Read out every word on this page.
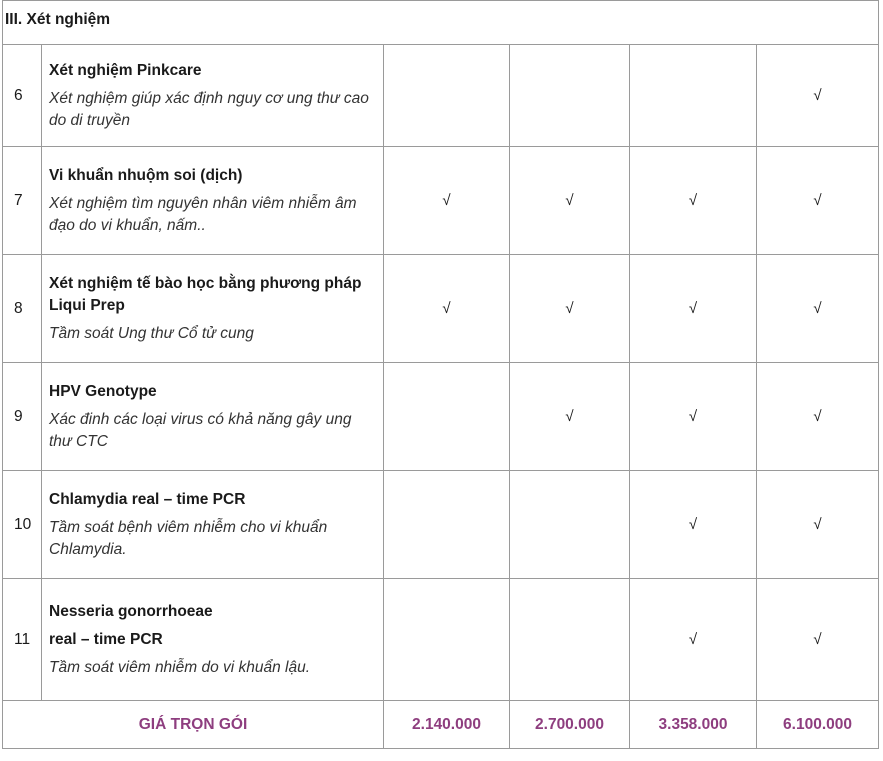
III. Xét nghiệm					
6	Xét nghiệm Pinkcare
Xét nghiệm giúp xác định nguy cơ ung thư cao do di truyền				√
7	Vi khuẩn nhuộm soi (dịch)
Xét nghiệm tìm nguyên nhân viêm nhiễm âm đạo do vi khuẩn, nấm..	√	√	√	√
8	Xét nghiệm tế bào học bằng phương pháp Liqui Prep
Tầm soát Ung thư Cổ tử cung	√	√	√	√
9	HPV Genotype
Xác đinh các loại virus có khả năng gây ung thư CTC		√	√	√
10	Chlamydia real – time PCR
Tầm soát bệnh viêm nhiễm cho vi khuẩn Chlamydia.			√	√
11	Nesseria gonorrhoeae
real – time PCR
Tầm soát viêm nhiễm do vi khuẩn lậu.			√	√
GIÁ TRỌN GÓI		2.140.000	2.700.000	3.358.000	6.100.000
